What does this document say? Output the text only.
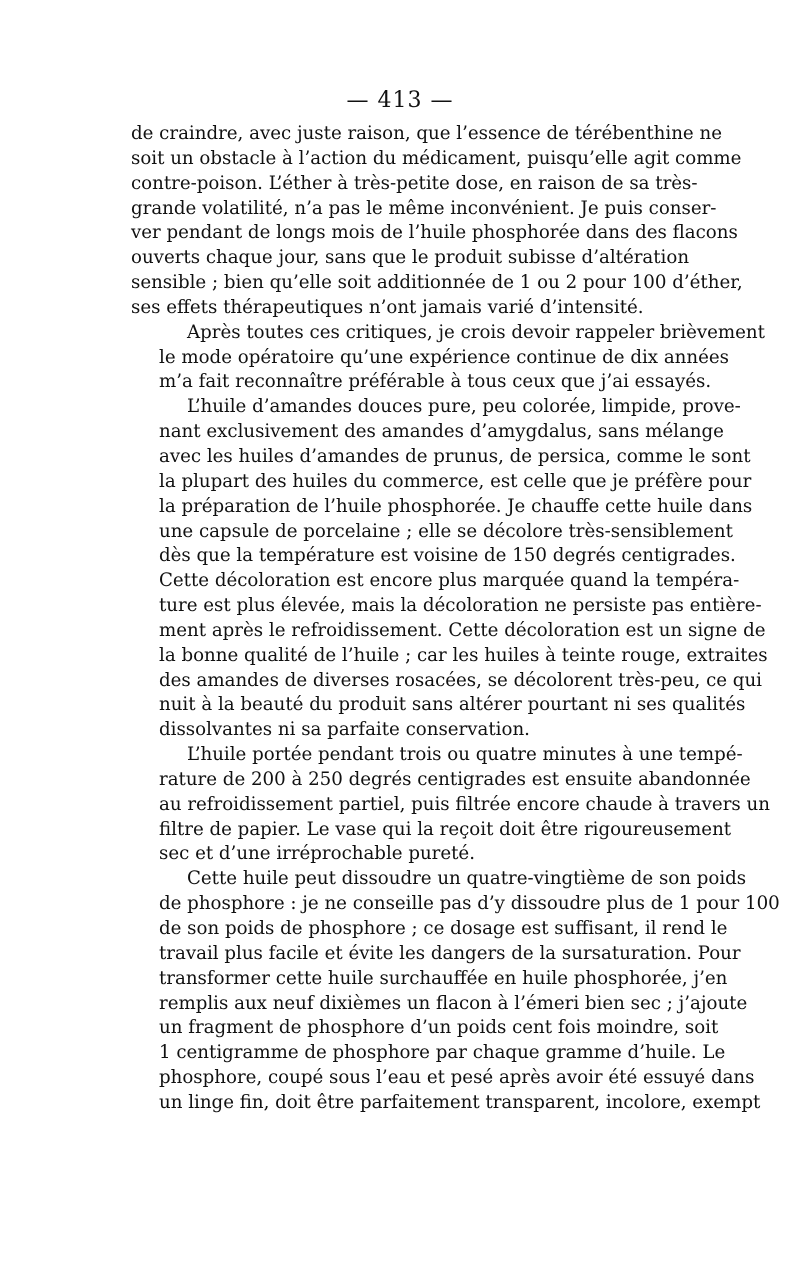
— 413 —
de craindre, avec juste raison, que l’essence de térébenthine ne
soit un obstacle à l’action du médicament, puisqu’elle agit comme
contre-poison. L’éther à très-petite dose, en raison de sa très-
grande volatilité, n’a pas le même inconvénient. Je puis conser-
ver pendant de longs mois de l’huile phosphorée dans des flacons
ouverts chaque jour, sans que le produit subisse d’altération
sensible ; bien qu’elle soit additionnée de 1 ou 2 pour 100 d’éther,
ses effets thérapeutiques n’ont jamais varié d’intensité.
Après toutes ces critiques, je crois devoir rappeler brièvement
le mode opératoire qu’une expérience continue de dix années
m’a fait reconnaître préférable à tous ceux que j’ai essayés.
L’huile d’amandes douces pure, peu colorée, limpide, prove-
nant exclusivement des amandes d’amygdalus, sans mélange
avec les huiles d’amandes de prunus, de persica, comme le sont
la plupart des huiles du commerce, est celle que je préfère pour
la préparation de l’huile phosphorée. Je chauffe cette huile dans
une capsule de porcelaine ; elle se décolore très-sensiblement
dès que la température est voisine de 150 degrés centigrades.
Cette décoloration est encore plus marquée quand la tempéra-
ture est plus élevée, mais la décoloration ne persiste pas entière-
ment après le refroidissement. Cette décoloration est un signe de
la bonne qualité de l’huile ; car les huiles à teinte rouge, extraites
des amandes de diverses rosacées, se décolorent très-peu, ce qui
nuit à la beauté du produit sans altérer pourtant ni ses qualités
dissolvantes ni sa parfaite conservation.
L’huile portée pendant trois ou quatre minutes à une tempé-
rature de 200 à 250 degrés centigrades est ensuite abandonnée
au refroidissement partiel, puis filtrée encore chaude à travers un
filtre de papier. Le vase qui la reçoit doit être rigoureusement
sec et d’une irréprochable pureté.
Cette huile peut dissoudre un quatre-vingtième de son poids
de phosphore : je ne conseille pas d’y dissoudre plus de 1 pour 100
de son poids de phosphore ; ce dosage est suffisant, il rend le
travail plus facile et évite les dangers de la sursaturation. Pour
transformer cette huile surchauffée en huile phosphorée, j’en
remplis aux neuf dixièmes un flacon à l’émeri bien sec ; j’ajoute
un fragment de phosphore d’un poids cent fois moindre, soit
1 centigramme de phosphore par chaque gramme d’huile. Le
phosphore, coupé sous l’eau et pesé après avoir été essuyé dans
un linge fin, doit être parfaitement transparent, incolore, exempt
